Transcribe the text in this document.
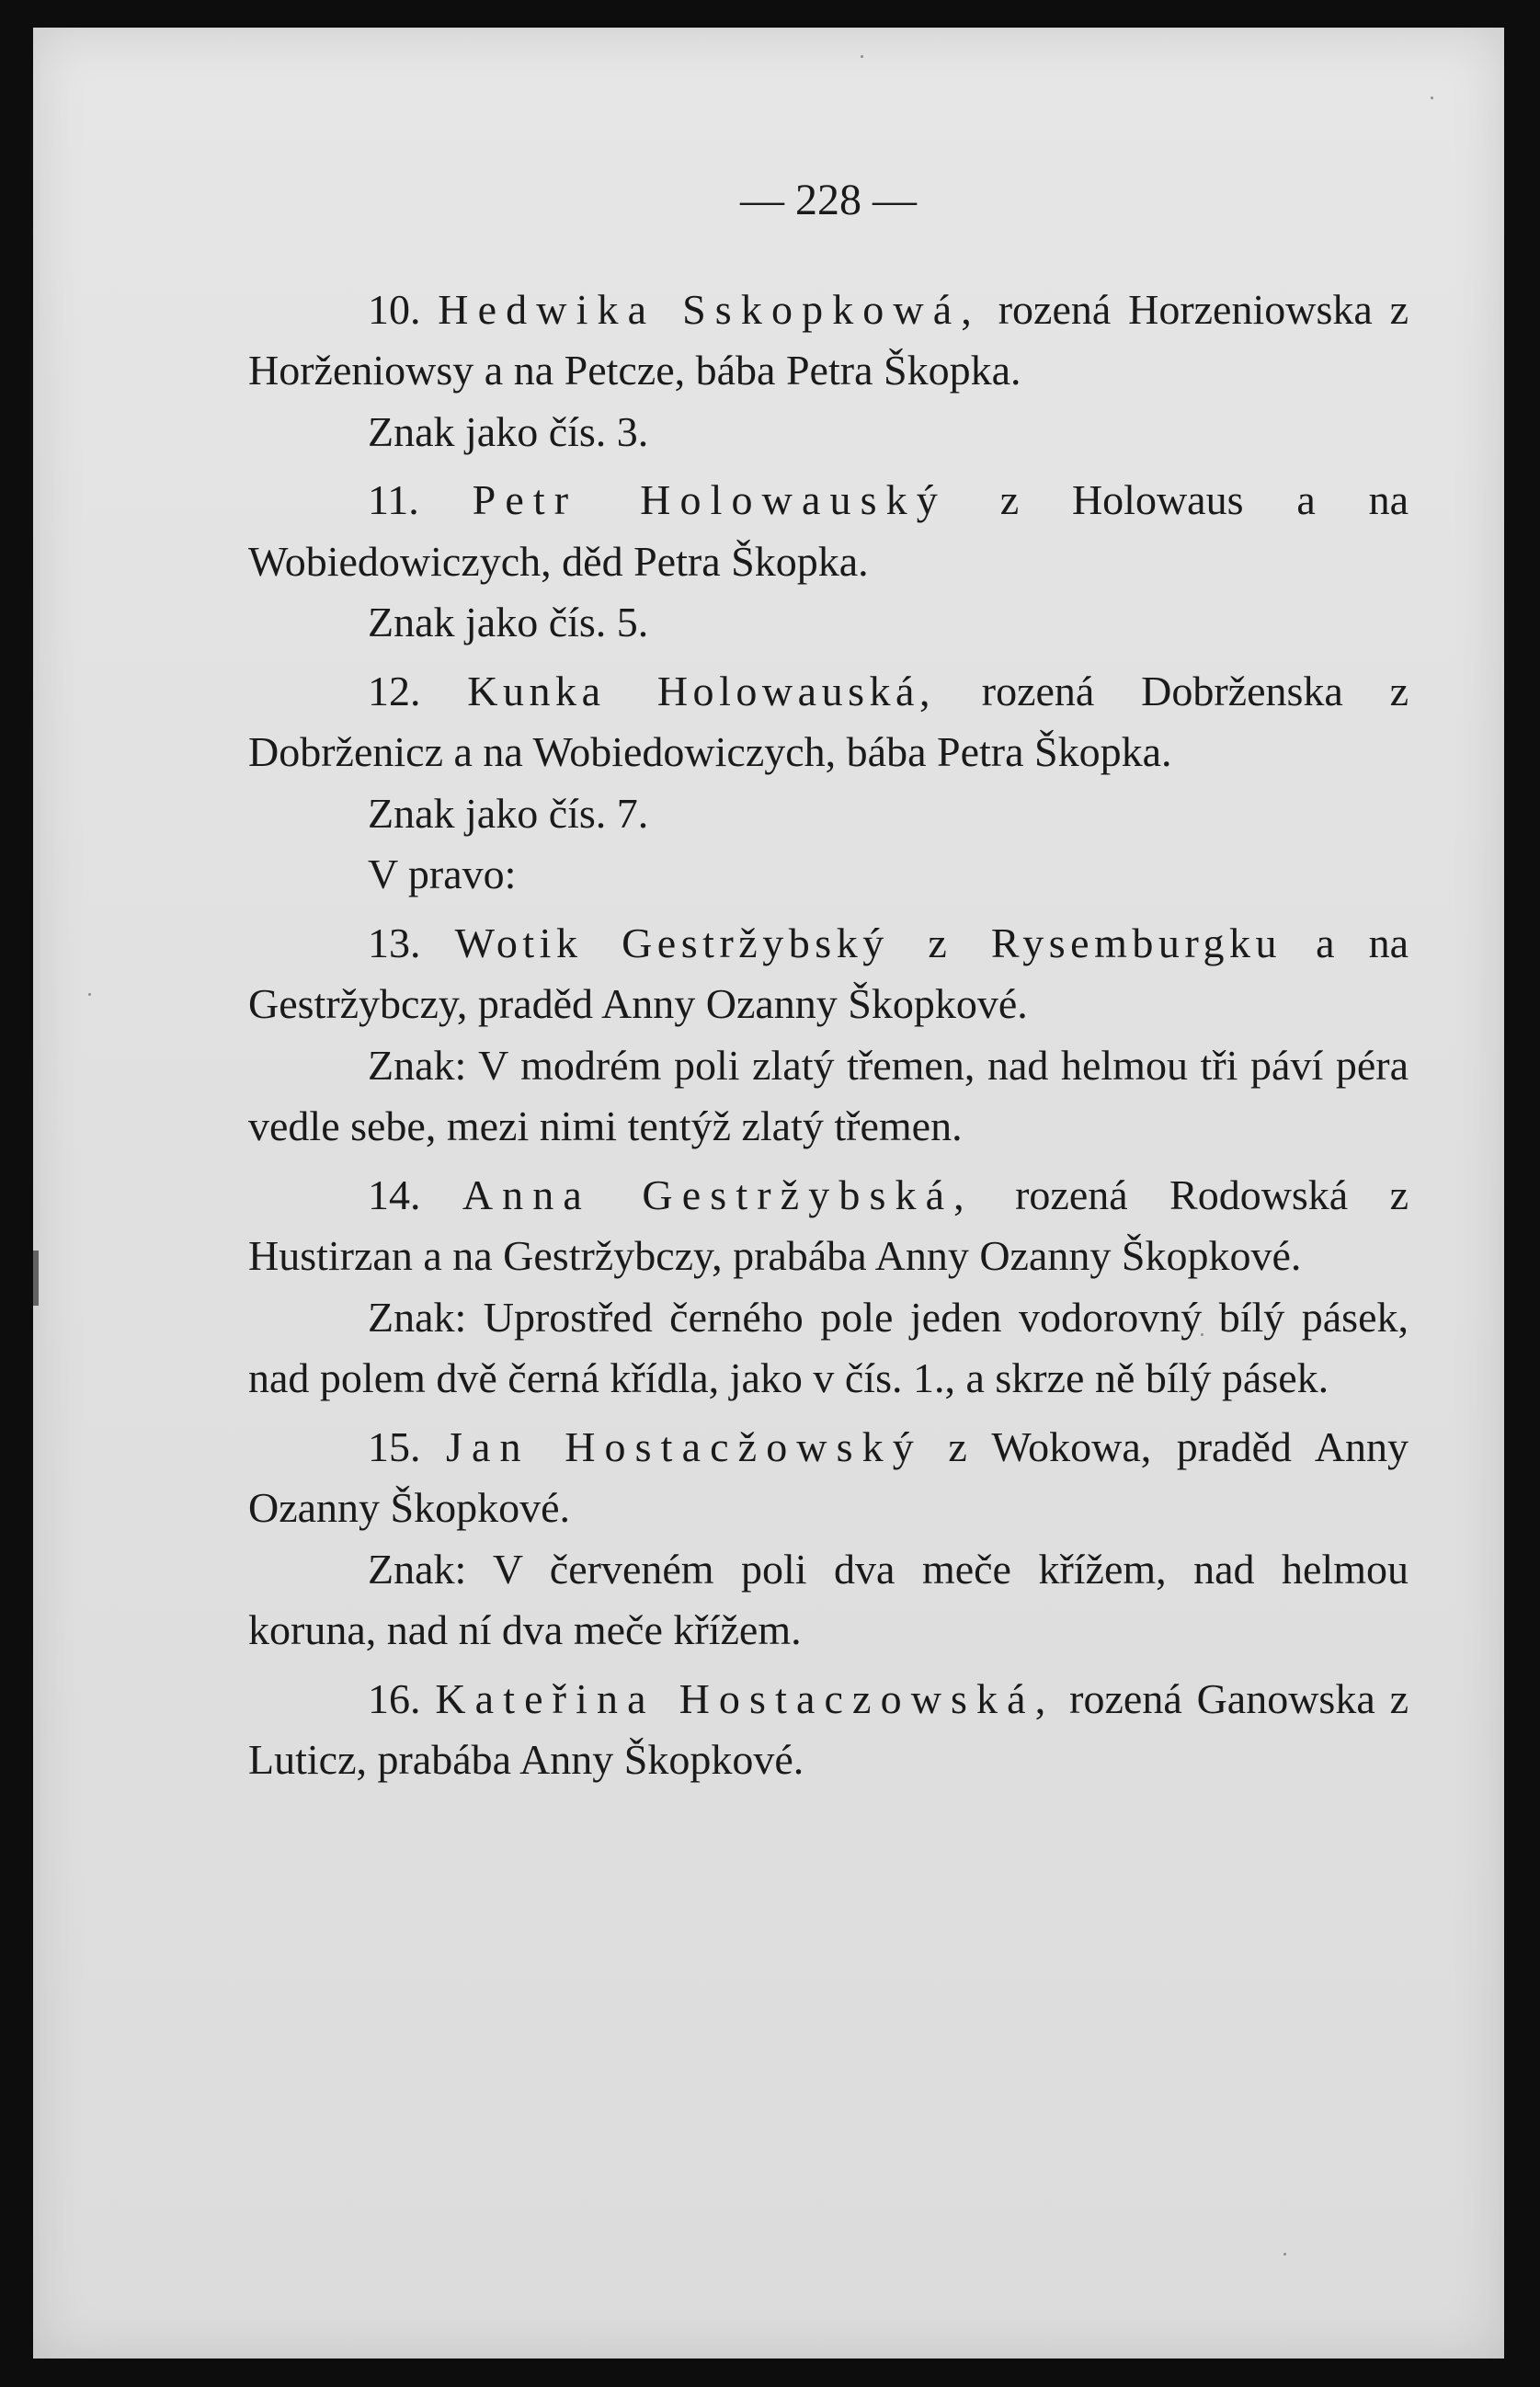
— 228 —

10. Hedwika Sskopkowá, rozená Horzeniowska z Horženiowsy a na Petcze, bába Petra Škopka.

Znak jako čís. 3.

11. Petr Holowauský z Holowaus a na Wobiedowiczych, děd Petra Škopka.

Znak jako čís. 5.

12. Kunka Holowauská, rozená Dobrženska z Dobrženicz a na Wobiedowiczych, bába Petra Škopka.

Znak jako čís. 7.

V pravo:

13. Wotik Gestržybský z Rysemburgku a na Gestržybczy, praděd Anny Ozanny Škopkové.

Znak: V modrém poli zlatý třemen, nad helmou tři páví péra vedle sebe, mezi nimi tentýž zlatý třemen.

14. Anna Gestržybská, rozená Rodowská z Hustirzan a na Gestržybczy, prabába Anny Ozanny Škopkové.

Znak: Uprostřed černého pole jeden vodorovný bílý pásek, nad polem dvě černá křídla, jako v čís. 1., a skrze ně bílý pásek.

15. Jan Hostacžowský z Wokowa, praděd Anny Ozanny Škopkové.

Znak: V červeném poli dva meče křížem, nad helmou koruna, nad ní dva meče křížem.

16. Kateřina Hostaczowská, rozená Ganowska z Luticz, prabába Anny Škopkové.
